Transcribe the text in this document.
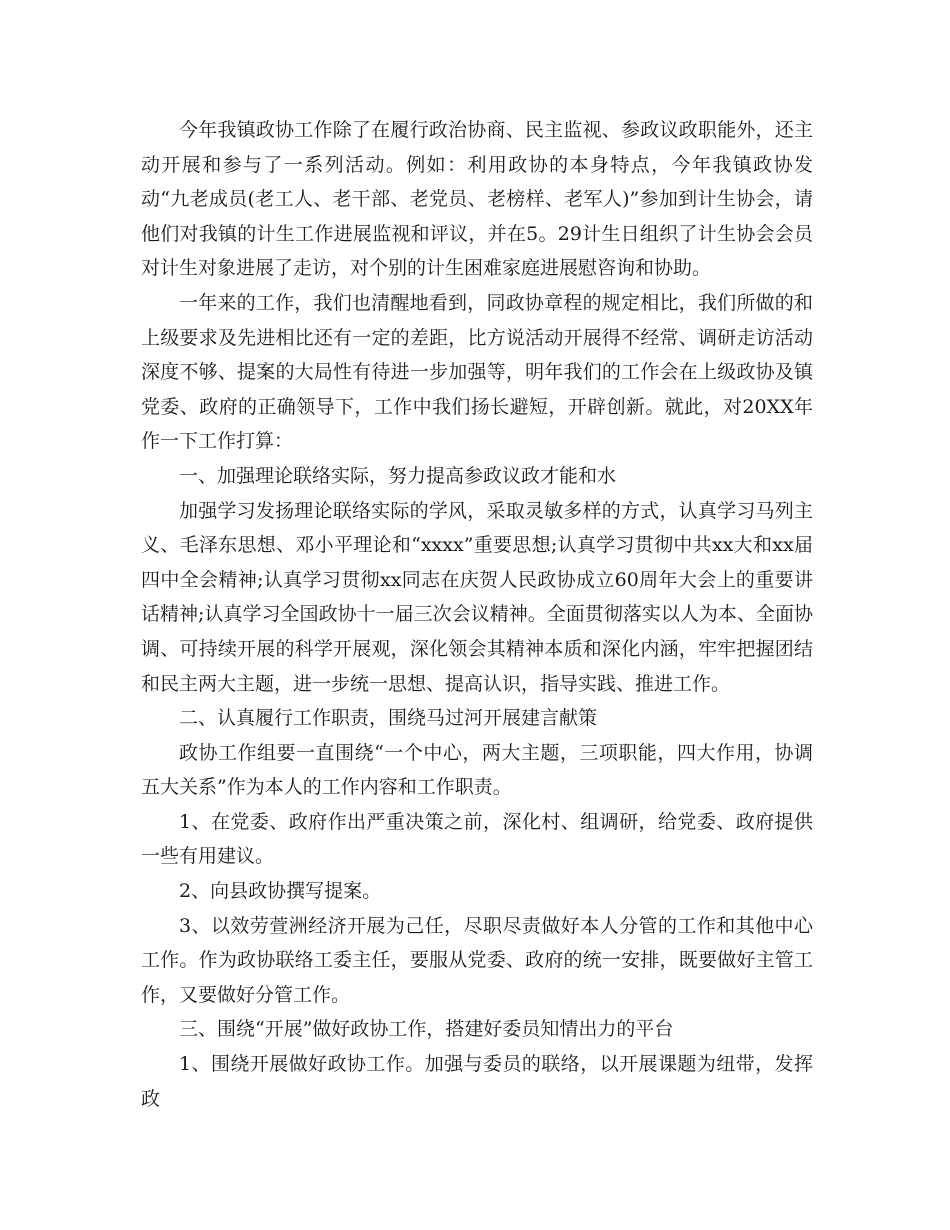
今年我镇政协工作除了在履行政治协商、民主监视、参政议政职能外，还主动开展和参与了一系列活动。例如：利用政协的本身特点，今年我镇政协发动“九老成员(老工人、老干部、老党员、老榜样、老军人)”参加到计生协会，请他们对我镇的计生工作进展监视和评议，并在5。29计生日组织了计生协会会员对计生对象进展了走访，对个别的计生困难家庭进展慰咨询和协助。

一年来的工作，我们也清醒地看到，同政协章程的规定相比，我们所做的和上级要求及先进相比还有一定的差距，比方说活动开展得不经常、调研走访活动深度不够、提案的大局性有待进一步加强等，明年我们的工作会在上级政协及镇党委、政府的正确领导下，工作中我们扬长避短，开辟创新。就此，对20XX年作一下工作打算：

一、加强理论联络实际，努力提高参政议政才能和水

加强学习发扬理论联络实际的学风，采取灵敏多样的方式，认真学习马列主义、毛泽东思想、邓小平理论和“xxxx”重要思想;认真学习贯彻中共xx大和xx届四中全会精神;认真学习贯彻xx同志在庆贺人民政协成立60周年大会上的重要讲话精神;认真学习全国政协十一届三次会议精神。全面贯彻落实以人为本、全面协调、可持续开展的科学开展观，深化领会其精神本质和深化内涵，牢牢把握团结和民主两大主题，进一步统一思想、提高认识，指导实践、推进工作。

二、认真履行工作职责，围绕马过河开展建言献策

政协工作组要一直围绕“一个中心，两大主题，三项职能，四大作用，协调五大关系”作为本人的工作内容和工作职责。

1、在党委、政府作出严重决策之前，深化村、组调研，给党委、政府提供一些有用建议。

2、向县政协撰写提案。

3、以效劳萱洲经济开展为己任，尽职尽责做好本人分管的工作和其他中心工作。作为政协联络工委主任，要服从党委、政府的统一安排，既要做好主管工作，又要做好分管工作。

三、围绕“开展”做好政协工作，搭建好委员知情出力的平台

1、围绕开展做好政协工作。加强与委员的联络，以开展课题为纽带，发挥政
